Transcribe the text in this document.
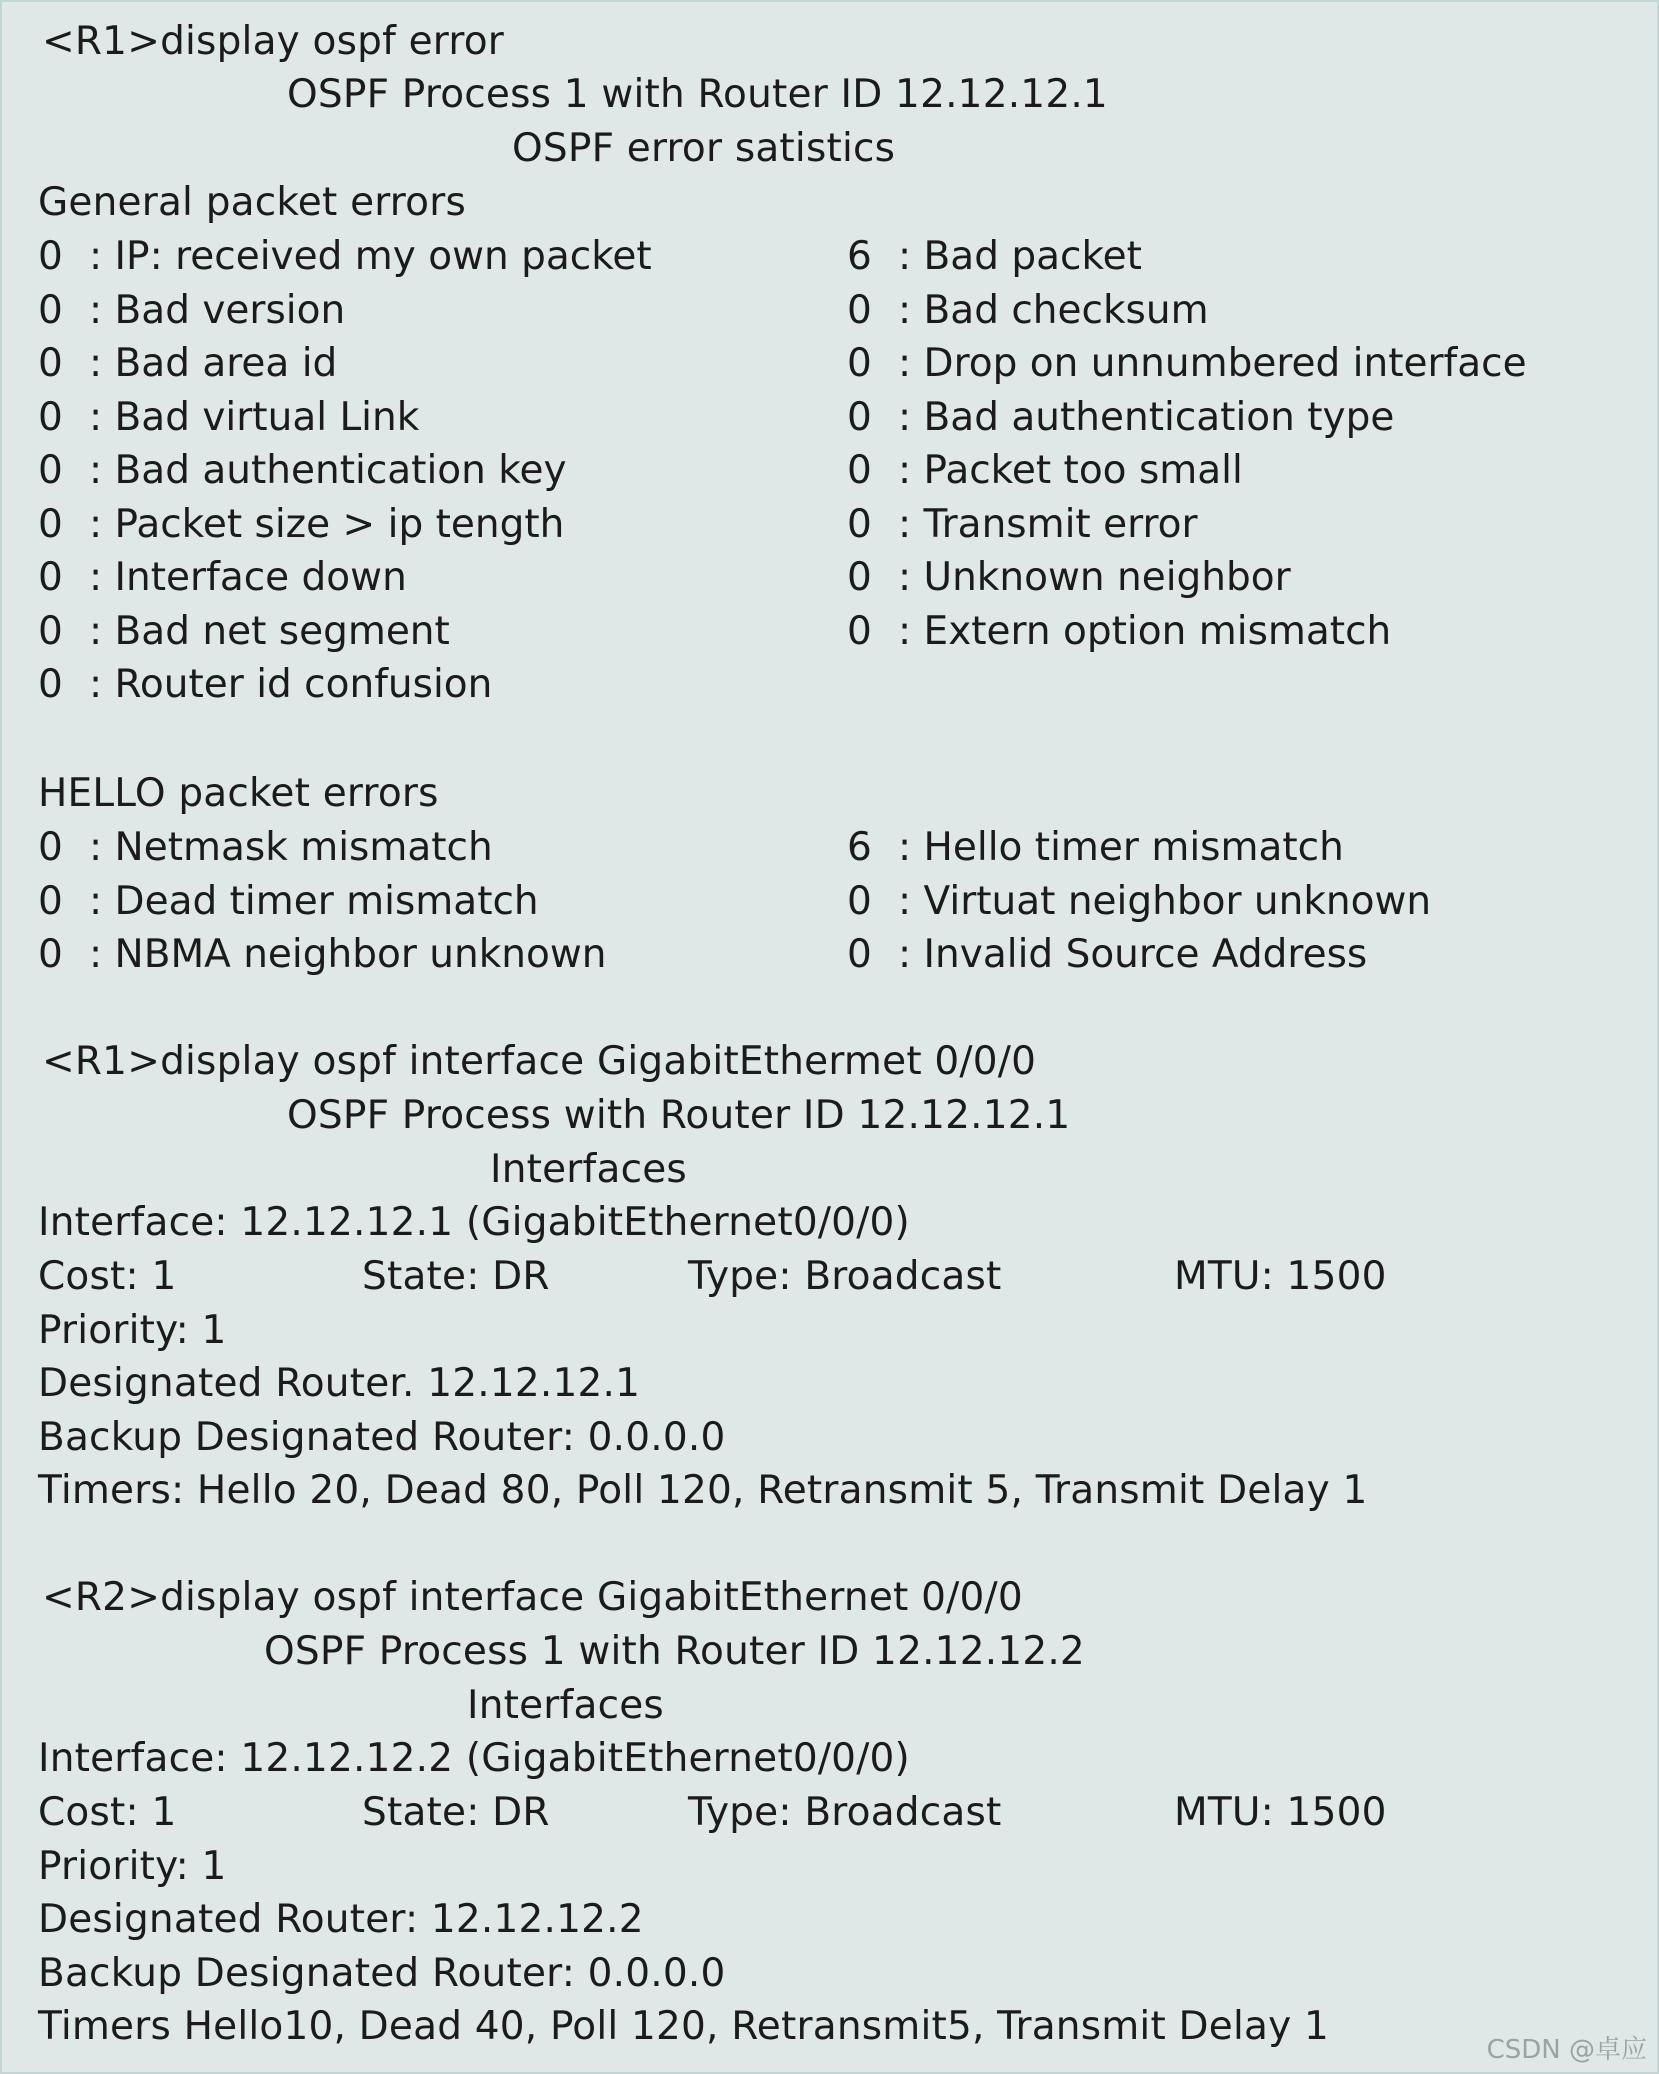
<R1>display ospf error
OSPF Process 1 with Router ID 12.12.12.1
OSPF error satistics
General packet errors
0	: IP: received my own packet	6	: Bad packet
0	: Bad version	0	: Bad checksum
0	: Bad area id	0	: Drop on unnumbered interface
0	: Bad virtual Link	0	: Bad authentication type
0	: Bad authentication key	0	: Packet too small
0	: Packet size > ip tength	0	: Transmit error
0	: Interface down	0	: Unknown neighbor
0	: Bad net segment	0	: Extern option mismatch
0	: Router id confusion
HELLO packet errors
0	: Netmask mismatch	6	: Hello timer mismatch
0	: Dead timer mismatch	0	: Virtuat neighbor unknown
0	: NBMA neighbor unknown	0	: Invalid Source Address
<R1>display ospf interface GigabitEthermet 0/0/0
OSPF Process with Router ID 12.12.12.1
Interfaces
Interface: 12.12.12.1 (GigabitEthernet0/0/0)
Cost: 1	State: DR	Type: Broadcast	MTU: 1500
Priority: 1
Designated Router. 12.12.12.1
Backup Designated Router: 0.0.0.0
Timers: Hello 20, Dead 80, Poll 120, Retransmit 5, Transmit Delay 1
<R2>display ospf interface GigabitEthernet 0/0/0
OSPF Process 1 with Router ID 12.12.12.2
Interfaces
Interface: 12.12.12.2 (GigabitEthernet0/0/0)
Cost: 1	State: DR	Type: Broadcast	MTU: 1500
Priority: 1
Designated Router: 12.12.12.2
Backup Designated Router: 0.0.0.0
Timers Hello10, Dead 40, Poll 120, Retransmit5, Transmit Delay 1
CSDN @卓应
